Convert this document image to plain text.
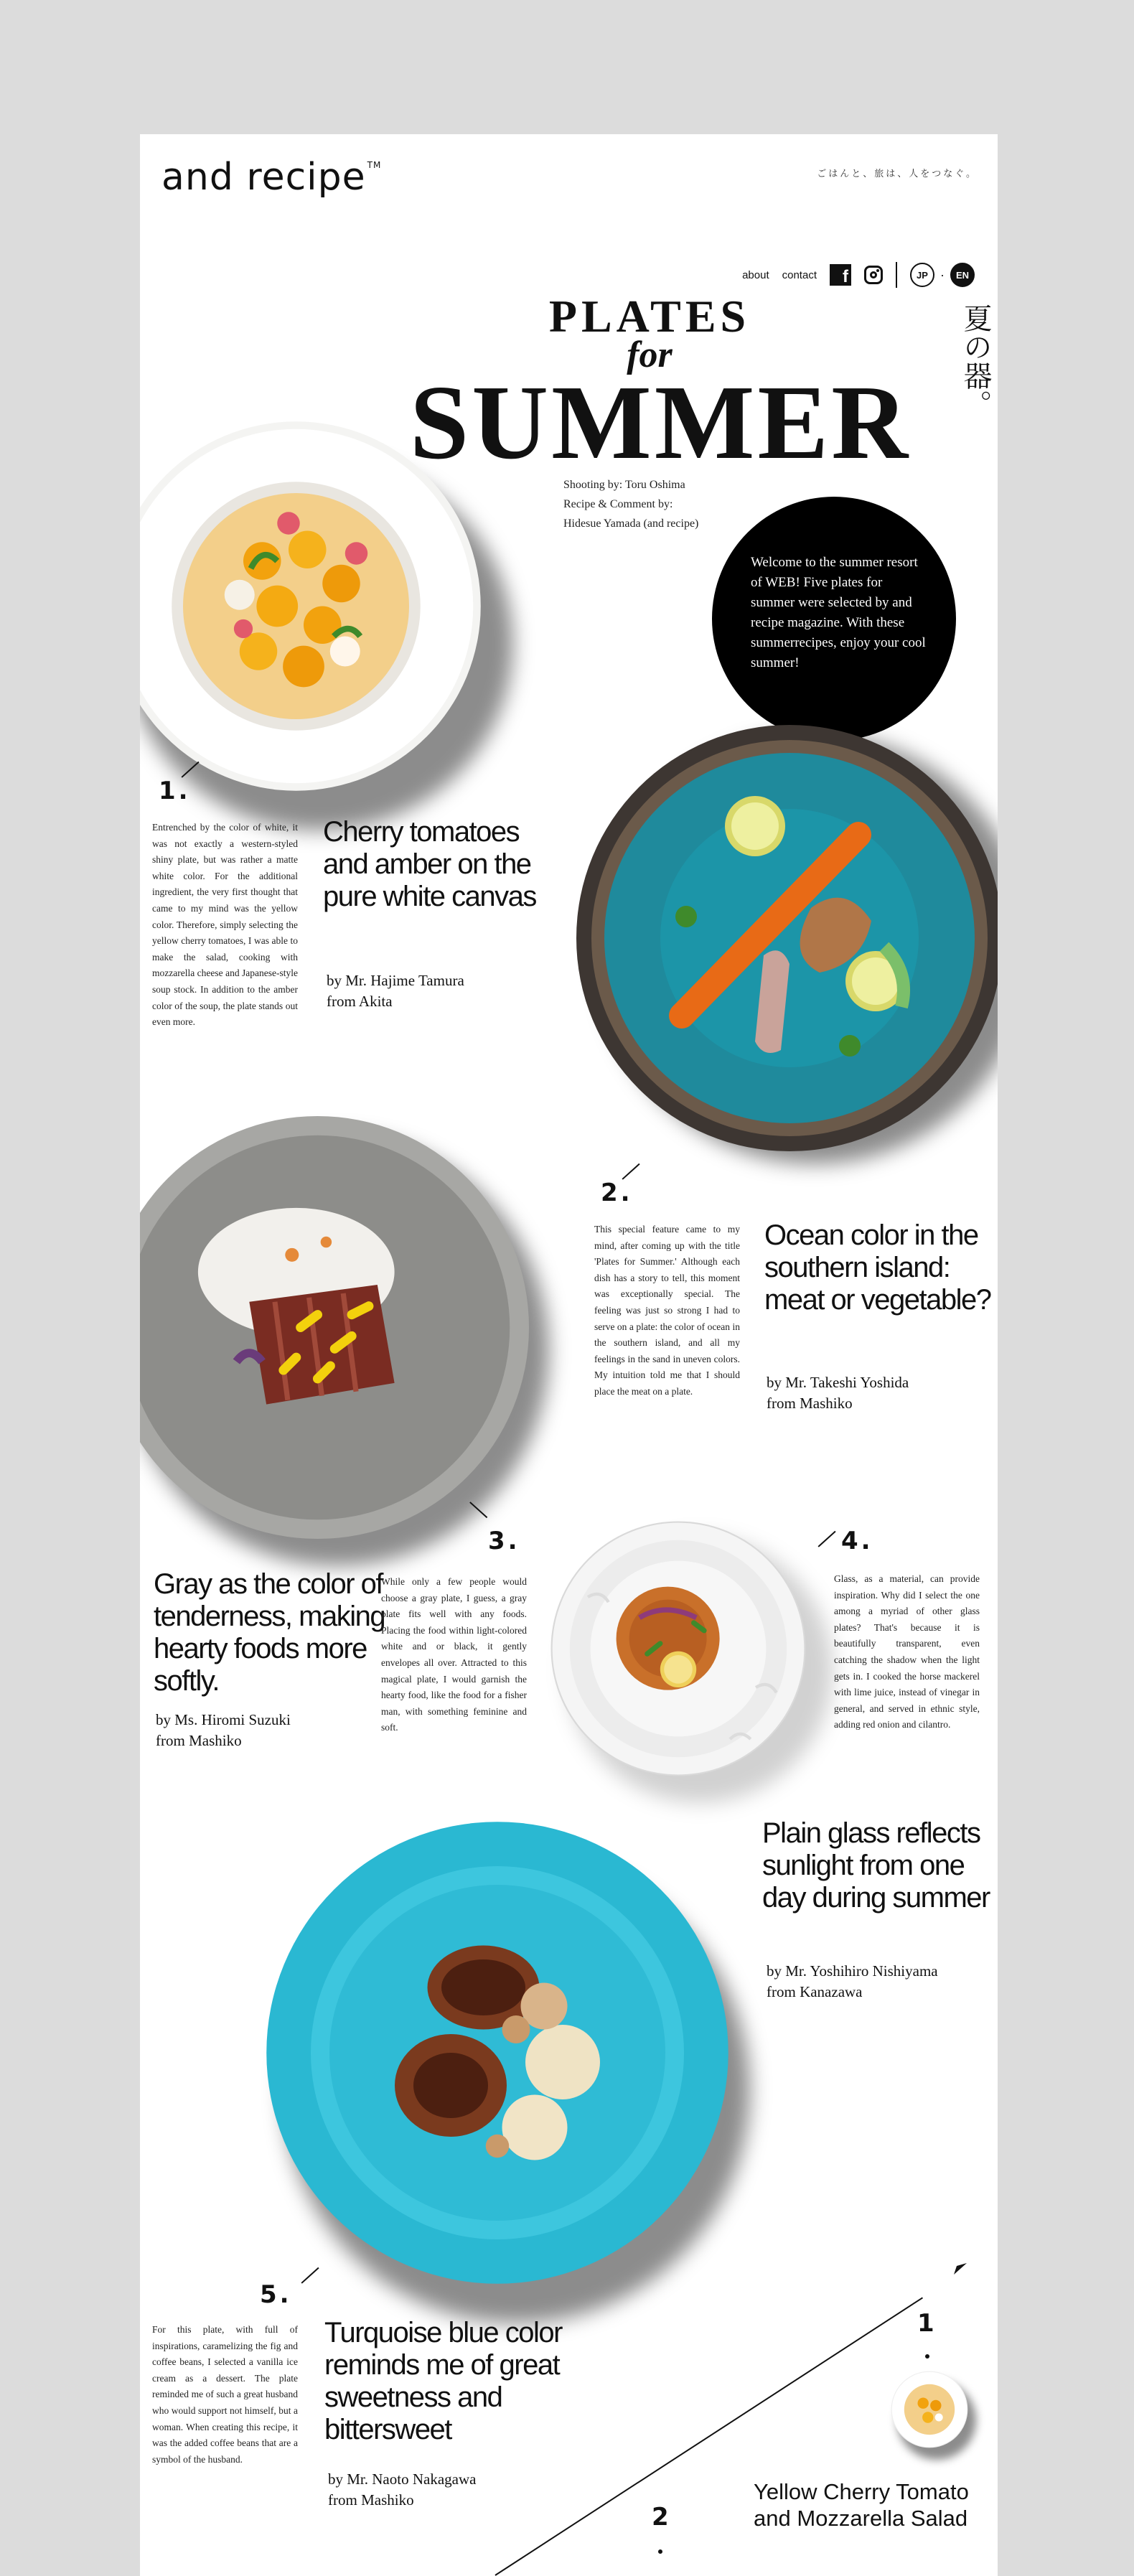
and recipe ™
ごはんと、旅は、人をつなぐ。
about contact	f	JP ·	EN
PLATES
for
SUMMER
夏の器。
Shooting by: Toru Oshima
Recipe & Comment by:
Hidesue Yamada (and recipe)
Welcome to the summer resort of WEB! Five plates for summer were selected by and recipe magazine. With these summerrecipes, enjoy your cool summer!
1.
Entrenched by the color of white, it was not exactly a western-styled shiny plate, but was rather a matte white color. For the additional ingredient, the very first thought that came to my mind was the yellow color. Therefore, simply selecting the yellow cherry tomatoes, I was able to make the salad, cooking with mozzarella cheese and Japanese-style soup stock. In addition to the amber color of the soup, the plate stands out even more.
Cherry tomatoes and amber on the pure white canvas
by Mr. Hajime Tamura
from Akita
2.
This special feature came to my mind, after coming up with the title 'Plates for Summer.' Although each dish has a story to tell, this moment was exceptionally special. The feeling was just so strong I had to serve on a plate: the color of ocean in the southern island, and all my feelings in the sand in uneven colors. My intuition told me that I should place the meat on a plate.
Ocean color in the southern island: meat or vegetable?
by Mr. Takeshi Yoshida
from Mashiko
3.
Gray as the color of tenderness, making hearty foods more softly.
by Ms. Hiromi Suzuki
from Mashiko
While only a few people would choose a gray plate, I guess, a gray plate fits well with any foods. Placing the food within light-colored white and or black, it gently envelopes all over. Attracted to this magical plate, I would garnish the hearty food, like the food for a fisher man, with something feminine and soft.
4.
Glass, as a material, can provide inspiration. Why did I select the one among a myriad of other glass plates? That's because it is beautifully transparent, even catching the shadow when the light gets in. I cooked the horse mackerel with lime juice, instead of vinegar in general, and served in ethnic style, adding red onion and cilantro.
Plain glass reflects sunlight from one day during summer
by Mr. Yoshihiro Nishiyama
from Kanazawa
5.
For this plate, with full of inspirations, caramelizing the fig and coffee beans, I selected a vanilla ice cream as a dessert. The plate reminded me of such a great husband who would support not himself, but a woman. When creating this recipe, it was the added coffee beans that are a symbol of the husband.
Turquoise blue color reminds me of great sweetness and bittersweet
by Mr. Naoto Nakagawa
from Mashiko
1
Yellow Cherry Tomato and Mozzarella Salad
2
